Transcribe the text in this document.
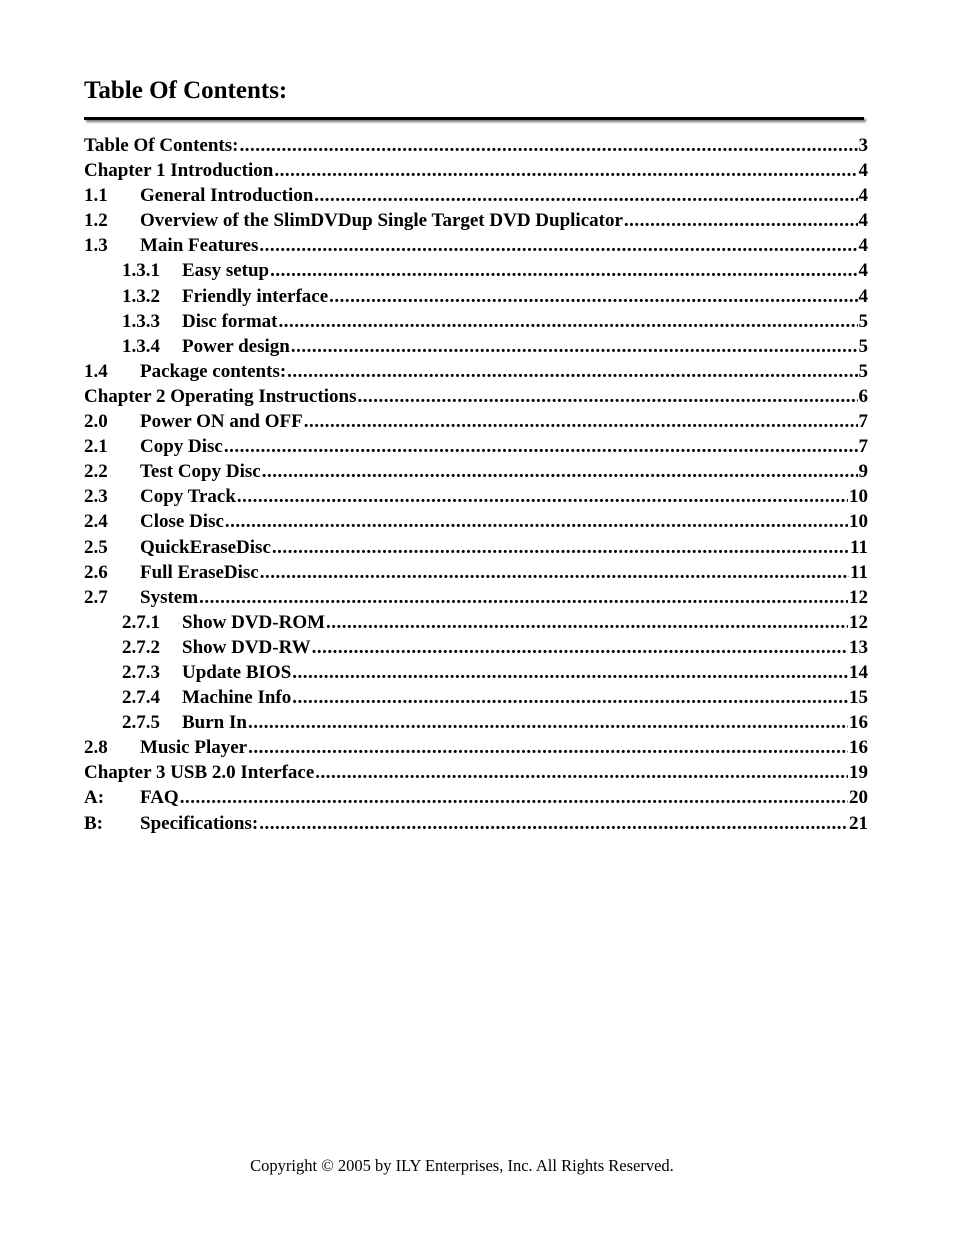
Table Of Contents:
Table Of Contents: .....	3
Chapter 1 Introduction .....	4
1.1	General Introduction .....	4
1.2	Overview of the SlimDVDup Single Target DVD Duplicator .....	4
1.3	Main Features .....	4
1.3.1	Easy setup .....	4
1.3.2	Friendly interface .....	4
1.3.3	Disc format .....	5
1.3.4	Power design .....	5
1.4	Package contents: .....	5
Chapter 2 Operating Instructions .....	6
2.0	Power ON and OFF .....	7
2.1	Copy Disc .....	7
2.2	Test Copy Disc .....	9
2.3	Copy Track .....	10
2.4	Close Disc .....	10
2.5	QuickEraseDisc .....	11
2.6	Full EraseDisc .....	11
2.7	System .....	12
2.7.1	Show DVD-ROM .....	12
2.7.2	Show DVD-RW .....	13
2.7.3	Update BIOS .....	14
2.7.4	Machine Info .....	15
2.7.5	Burn In .....	16
2.8	Music Player .....	16
Chapter 3 USB 2.0 Interface .....	19
A:	FAQ .....	20
B:	Specifications: .....	21
Copyright © 2005 by ILY Enterprises, Inc. All Rights Reserved.
